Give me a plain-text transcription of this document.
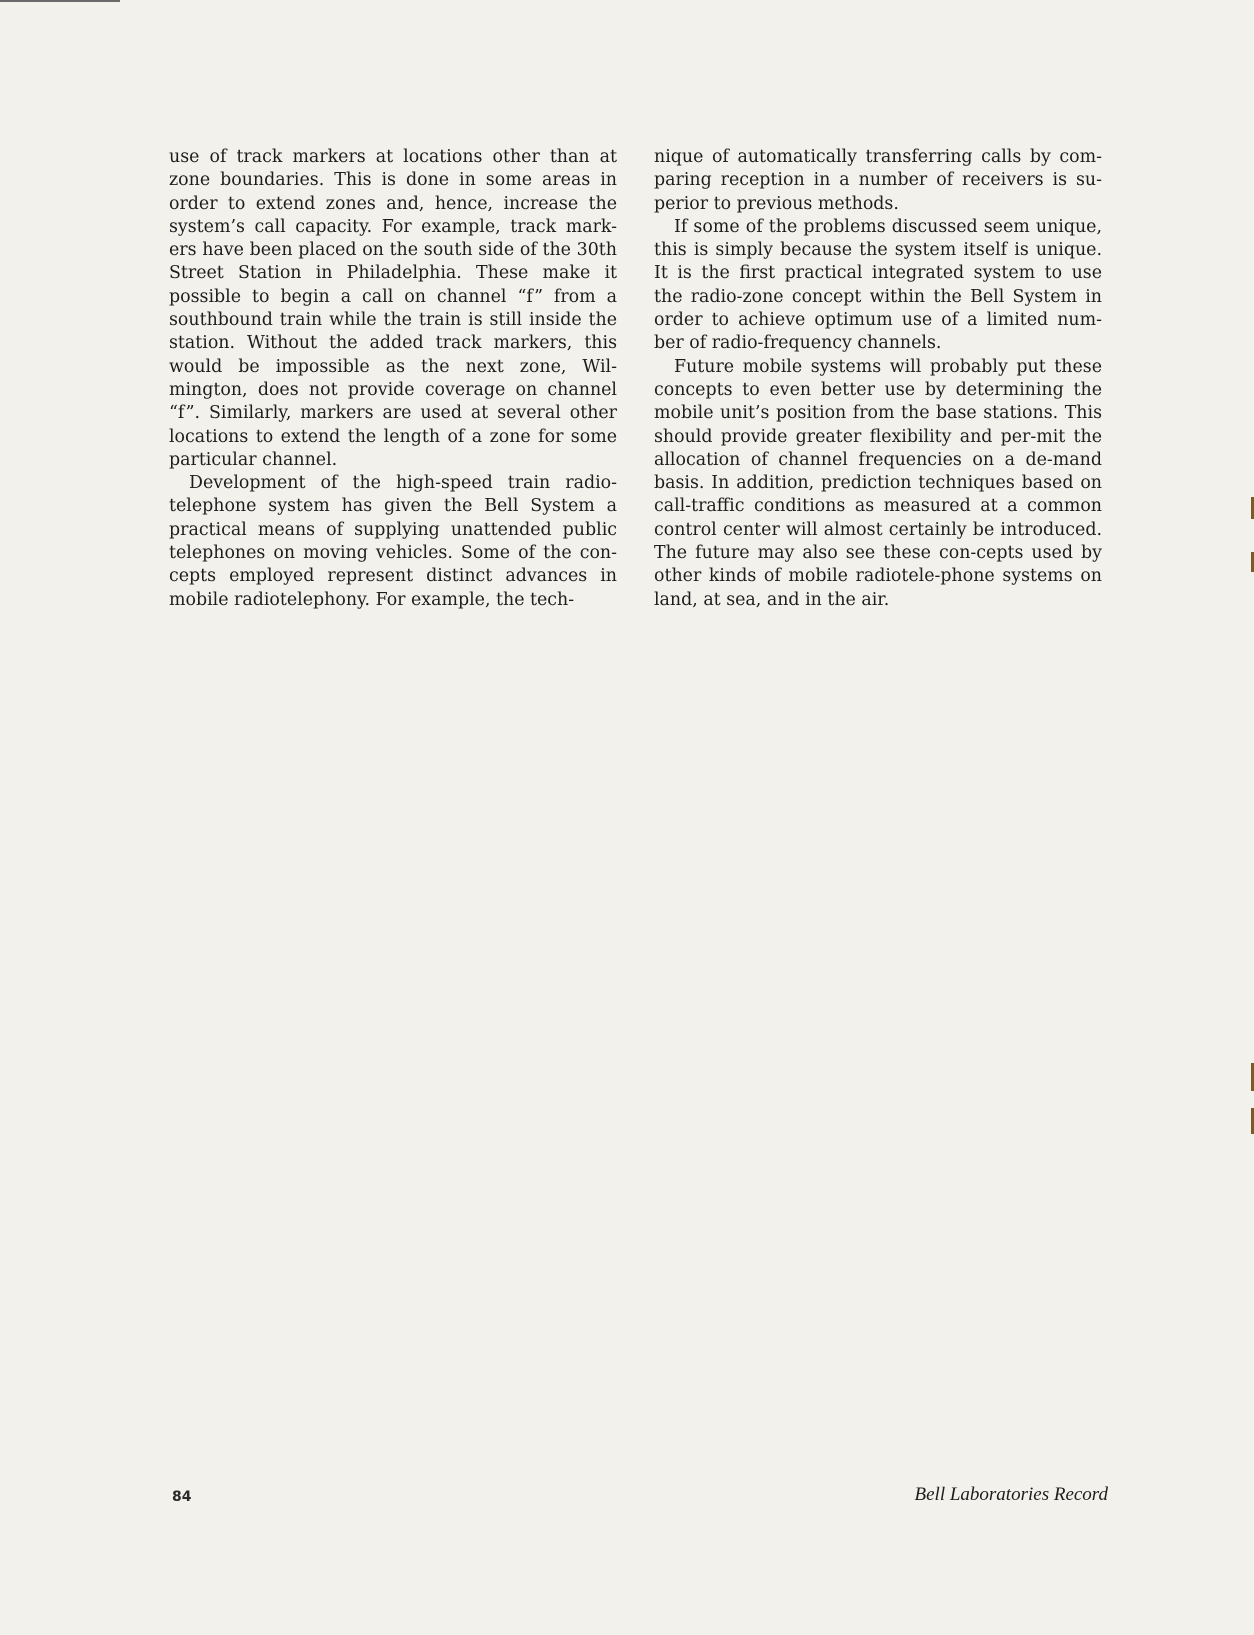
use of track markers at locations other than at zone boundaries. This is done in some areas in order to extend zones and, hence, increase the system’s call capacity. For example, track mark-ers have been placed on the south side of the 30th Street Station in Philadelphia. These make it possible to begin a call on channel “f” from a southbound train while the train is still inside the station. Without the added track markers, this would be impossible as the next zone, Wil-mington, does not provide coverage on channel “f”. Similarly, markers are used at several other locations to extend the length of a zone for some particular channel.

Development of the high-speed train radio-telephone system has given the Bell System a practical means of supplying unattended public telephones on moving vehicles. Some of the con-cepts employed represent distinct advances in mobile radiotelephony. For example, the tech-

nique of automatically transferring calls by com-paring reception in a number of receivers is su-perior to previous methods.

If some of the problems discussed seem unique, this is simply because the system itself is unique. It is the first practical integrated system to use the radio-zone concept within the Bell System in order to achieve optimum use of a limited num-ber of radio-frequency channels.

Future mobile systems will probably put these concepts to even better use by determining the mobile unit’s position from the base stations. This should provide greater flexibility and per-mit the allocation of channel frequencies on a de-mand basis. In addition, prediction techniques based on call-traffic conditions as measured at a common control center will almost certainly be introduced. The future may also see these con-cepts used by other kinds of mobile radiotele-phone systems on land, at sea, and in the air.

84	Bell Laboratories Record
